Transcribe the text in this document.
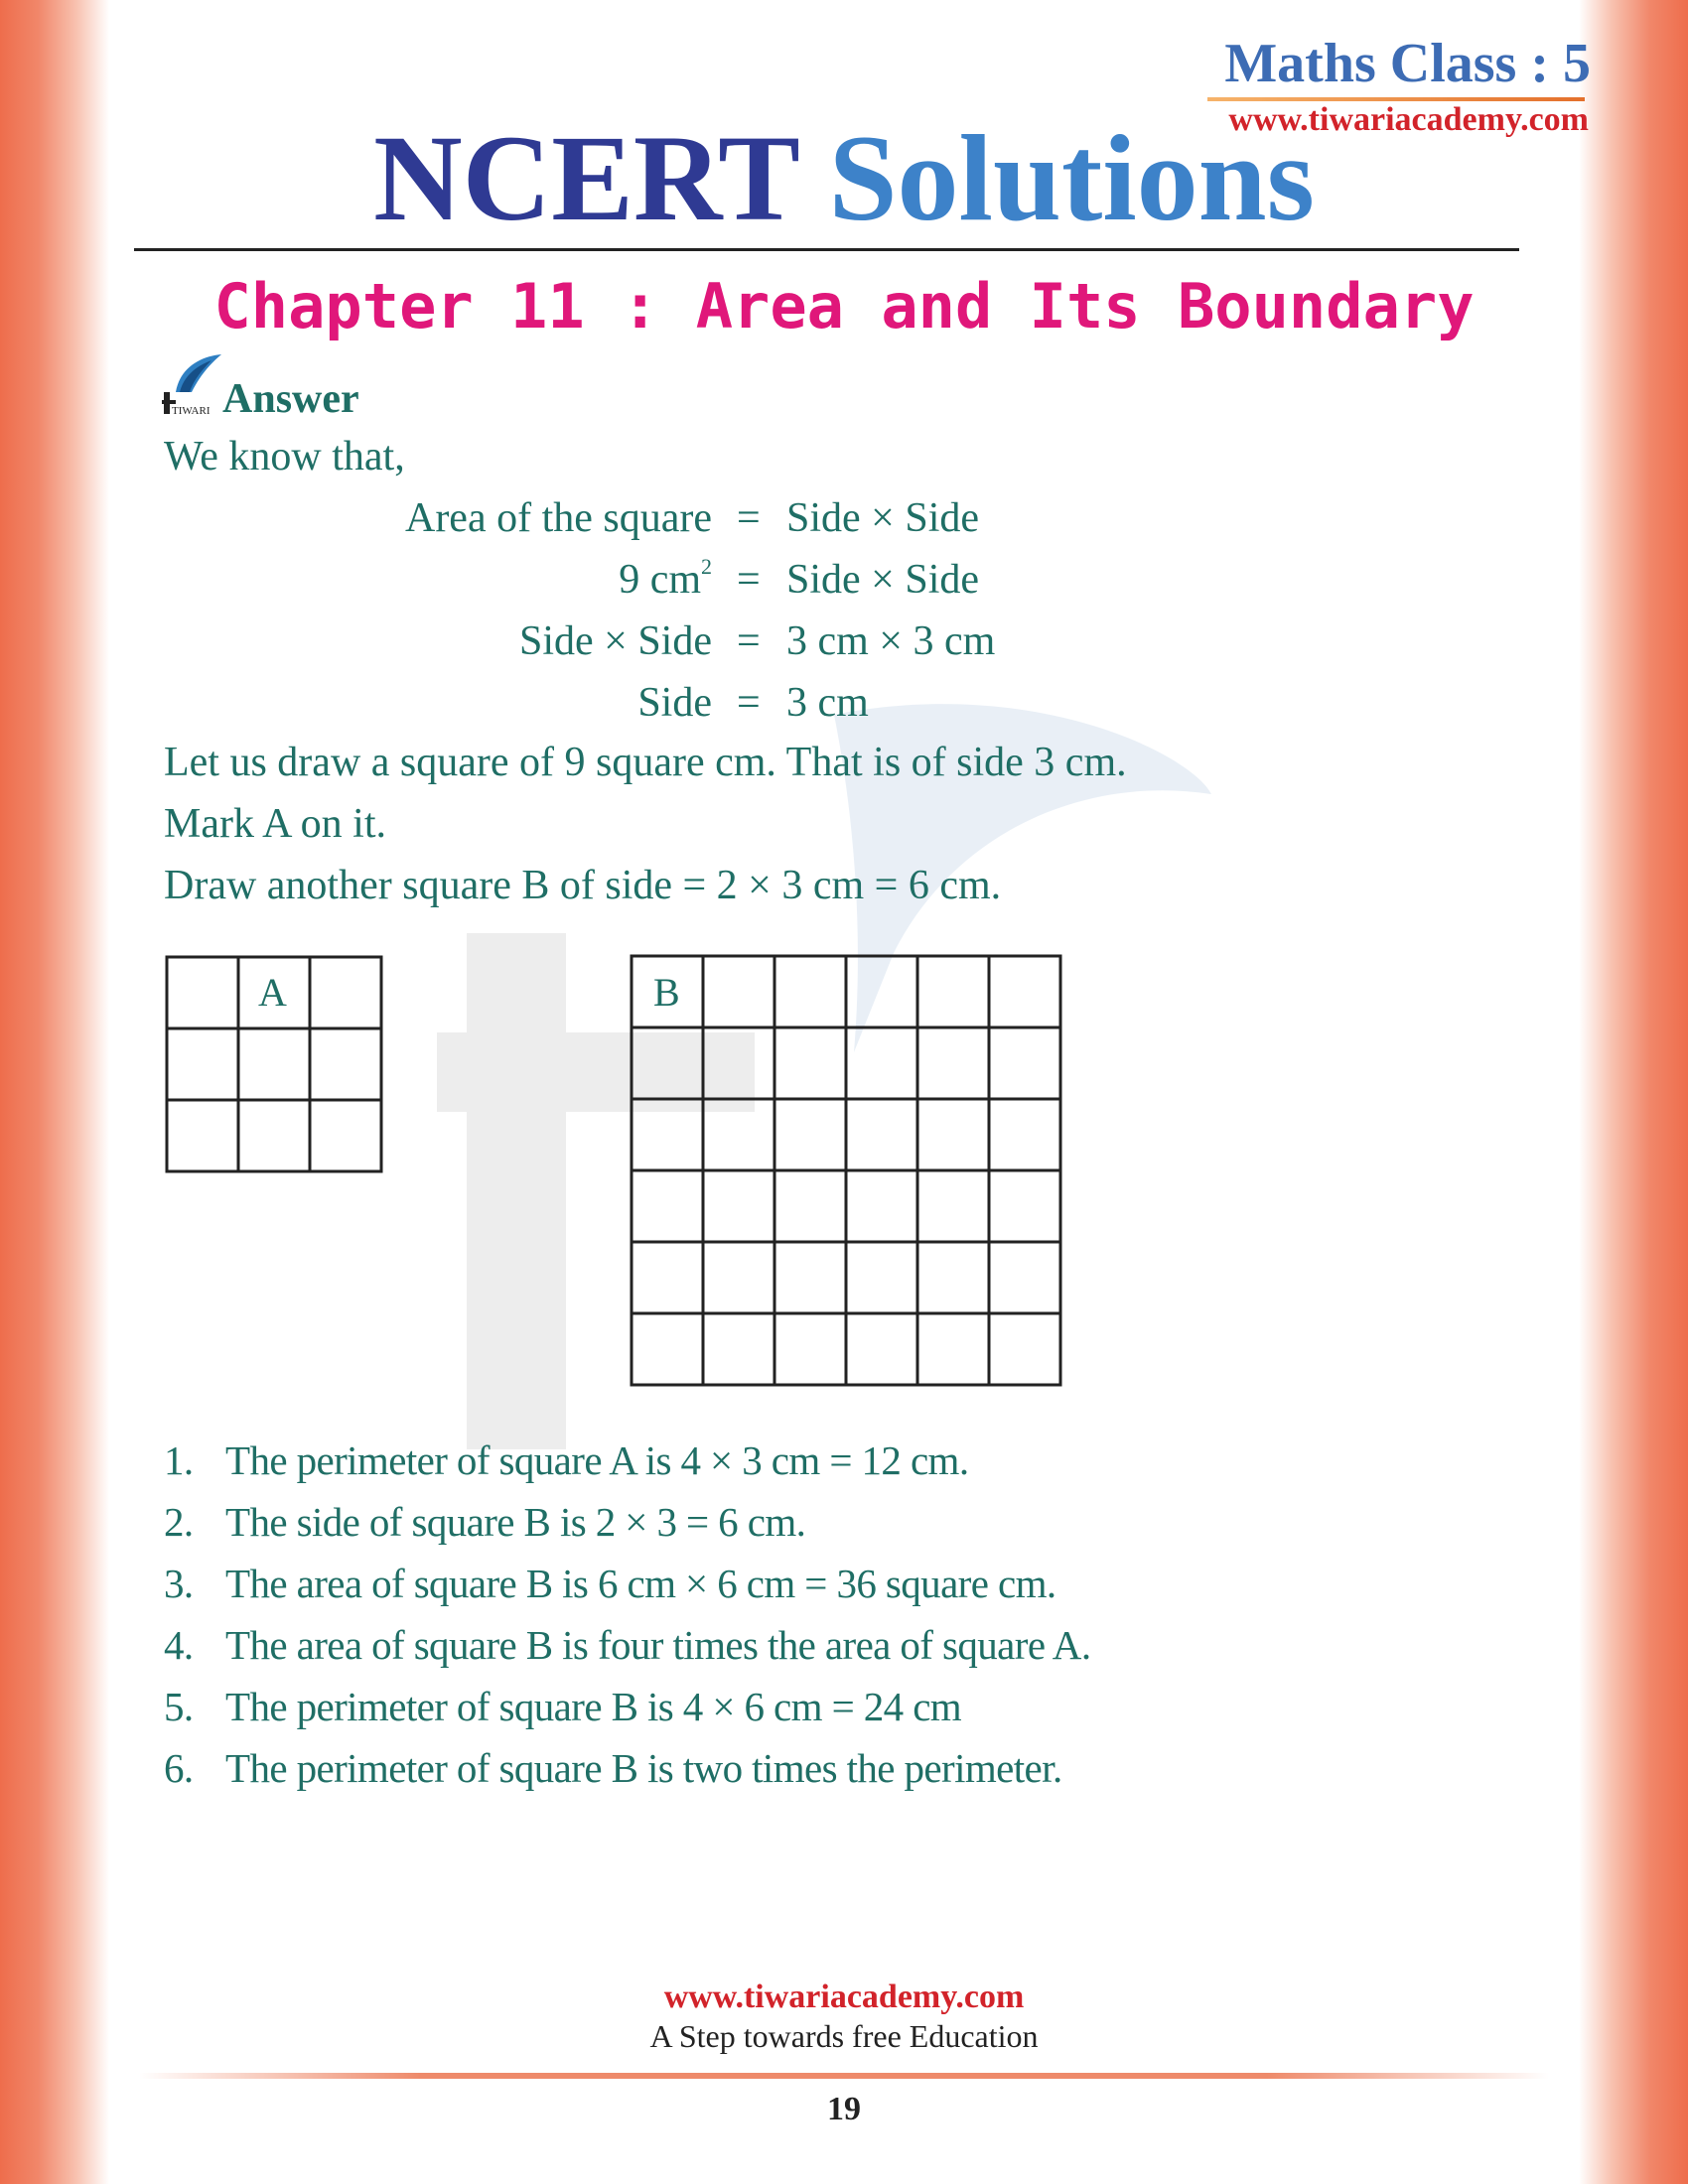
Maths Class : 5
www.tiwariacademy.com
NCERT Solutions
Chapter 11 : Area and Its Boundary
TIWARI Answer
We know that,
Area of the square = Side × Side
9 $cm^2$ = Side × Side
Side × Side = 3 cm × 3 cm
Side = 3 cm
Let us draw a square of 9 square cm. That is of side 3 cm.
Mark A on it.
Draw another square B of side = 2 × 3 cm = 6 cm.
A	B
1. The perimeter of square A is 4 × 3 cm = 12 cm.
2. The side of square B is 2 × 3 = 6 cm.
3. The area of square B is 6 cm × 6 cm = 36 square cm.
4. The area of square B is four times the area of square A.
5. The perimeter of square B is 4 × 6 cm = 24 cm
6. The perimeter of square B is two times the perimeter.
www.tiwariacademy.com
A Step towards free Education
19
